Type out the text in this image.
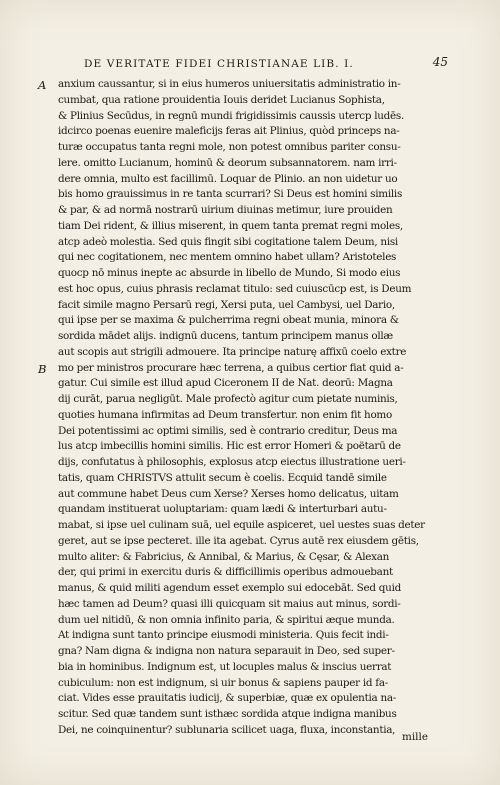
DE VERITATE FIDEI CHRISTIANAE LIB. I.	45
A
B
anxium caussantur, si in eius humeros uniuersitatis administratio in-
cumbat, qua ratione prouidentia Iouis deridet Lucianus Sophista,
& Plinius Secūdus, in regnū mundi frigidissimis caussis utercp ludēs.
idcirco poenas euenire maleficijs feras ait Plinius, quòd princeps na-
turæ occupatus tanta regni mole, non potest omnibus pariter consu-
lere. omitto Lucianum, hominū & deorum subsannatorem. nam irri-
dere omnia, multo est facillimū. Loquar de Plinio. an non uidetur uo
bis homo grauissimus in re tanta scurrari? Si Deus est homini similis
& par, & ad normā nostrarū uirium diuinas metimur, iure prouiden
tiam Dei rident, & illius miserent, in quem tanta premat regni moles,
atcp adeò molestia. Sed quis fingit sibi cogitatione talem Deum, nisi
qui nec cogitationem, nec mentem omnino habet ullam? Aristoteles
quocp nō minus inepte ac absurde in libello de Mundo, Si modo eius
est hoc opus, cuius phrasis reclamat titulo: sed cuiuscūcp est, is Deum
facit simile magno Persarū regi, Xersi puta, uel Cambysi, uel Dario,
qui ipse per se maxima & pulcherrima regni obeat munia, minora &
sordida mādet alijs. indignū ducens, tantum principem manus ollæ
aut scopis aut strigili admouere. Ita principe naturę affixū coelo extre
mo per ministros procurare hæc terrena, a quibus certior fiat quid a-
gatur. Cui simile est illud apud Ciceronem II de Nat. deorū: Magna
dij curāt, parua negligūt. Male profectò agitur cum pietate numinis,
quoties humana infirmitas ad Deum transfertur. non enim fit homo
Dei potentissimi ac optimi similis, sed è contrario creditur, Deus ma
lus atcp imbecillis homini similis. Hic est error Homeri & poëtarū de
dijs, confutatus à philosophis, explosus atcp eiectus illustratione ueri-
tatis, quam CHRISTVS attulit secum è coelis. Ecquid tandē simile
aut commune habet Deus cum Xerse? Xerses homo delicatus, uitam
quandam instituerat uoluptariam: quam lædi & interturbari autu-
mabat, si ipse uel culinam suā, uel equile aspiceret, uel uestes suas deter
geret, aut se ipse pecteret. ille ita agebat. Cyrus autē rex eiusdem gētis,
multo aliter: & Fabricius, & Annibal, & Marius, & Cęsar, & Alexan
der, qui primi in exercitu duris & difficillimis operibus admouebant
manus, & quid militi agendum esset exemplo sui edocebāt. Sed quid
hæc tamen ad Deum? quasi illi quicquam sit maius aut minus, sordi-
dum uel nitidū, & non omnia infinito paria, & spiritui æque munda.
At indigna sunt tanto principe eiusmodi ministeria. Quis fecit indi-
gna? Nam digna & indigna non natura separauit in Deo, sed super-
bia in hominibus. Indignum est, ut locuples malus & inscius uerrat
cubiculum: non est indignum, si uir bonus & sapiens pauper id fa-
ciat. Vides esse prauitatis iudicij, & superbiæ, quæ ex opulentia na-
scitur. Sed quæ tandem sunt isthæc sordida atque indigna manibus
Dei, ne coinquinentur? sublunaria scilicet uaga, fluxa, inconstantia,
mille
